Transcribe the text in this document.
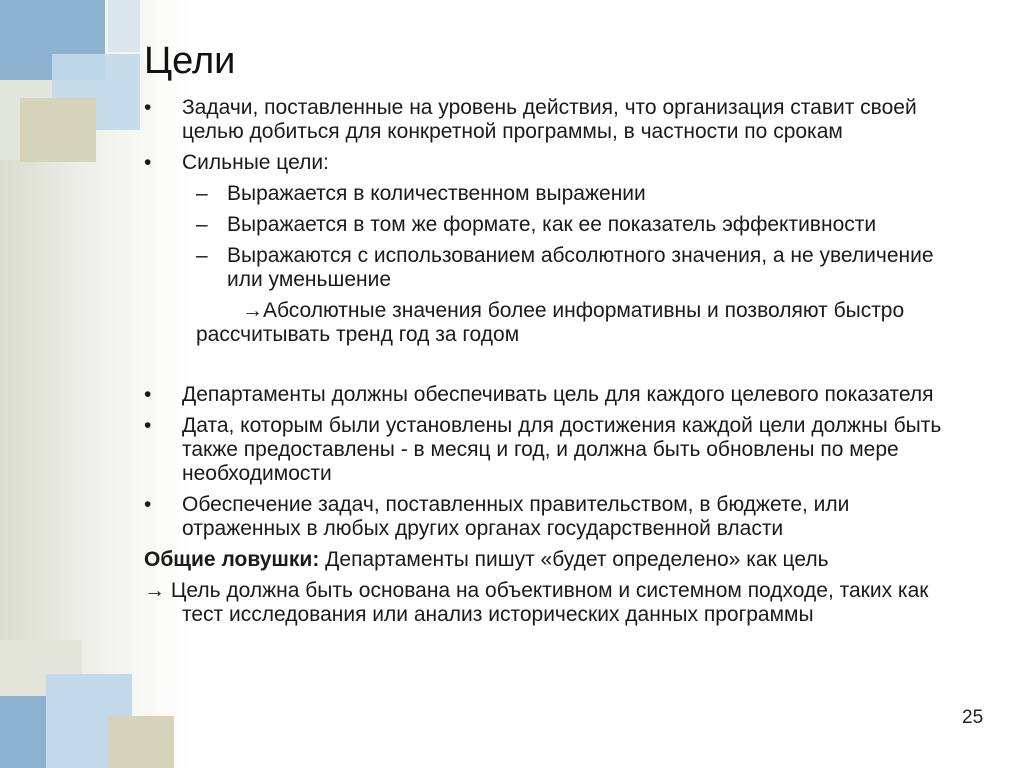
Цели
• Задачи, поставленные на уровень действия, что организация ставит своей целью добиться для конкретной программы, в частности по срокам
• Сильные цели:
– Выражается в количественном выражении
– Выражается в том же формате, как ее показатель эффективности
– Выражаются с использованием абсолютного значения, а не увеличение или уменьшение
→Абсолютные значения более информативны и позволяют быстро рассчитывать тренд год за годом
• Департаменты должны обеспечивать цель для каждого целевого показателя
• Дата, которым были установлены для достижения каждой цели должны быть также предоставлены - в месяц и год, и должна быть обновлены по мере необходимости
• Обеспечение задач, поставленных правительством, в бюджете, или отраженных в любых других органах государственной власти
Общие ловушки: Департаменты пишут «будет определено» как цель
→ Цель должна быть основана на объективном и системном подходе, таких как тест исследования или анализ исторических данных программы
25
